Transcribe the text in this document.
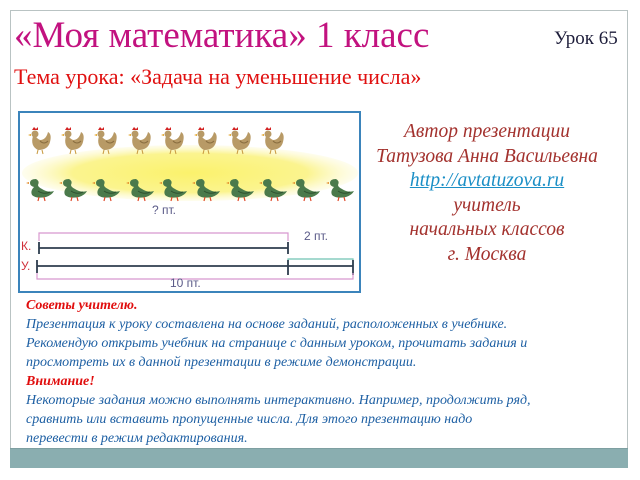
«Моя математика» 1 класс	Урок 65
Тема урока: «Задача на уменьшение числа»
? пт.
К.
2 пт.
У.
10 пт.
Автор презентации
Татузова Анна Васильевна
http://avtatuzova.ru
учитель
начальных классов
г. Москва
Советы учителю.
Презентация к уроку составлена на основе заданий, расположенных в учебнике.
Рекомендую открыть учебник на странице с данным уроком, прочитать задания и
просмотреть их в данной презентации в режиме демонстрации.
Внимание!
Некоторые задания можно выполнять интерактивно. Например, продолжить ряд,
сравнить или вставить пропущенные числа. Для этого презентацию надо
перевести в режим редактирования.
